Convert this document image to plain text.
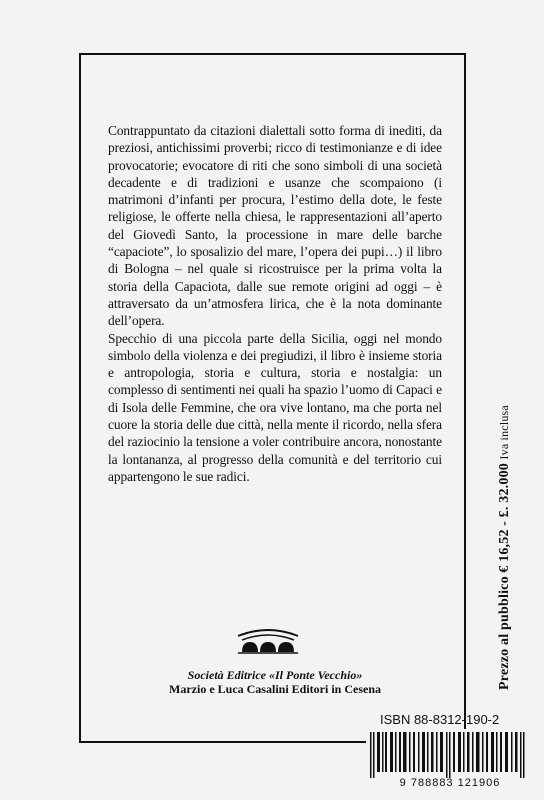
Contrappuntato da citazioni dialettali sotto forma di inediti, da preziosi, antichissimi proverbi; ricco di testimonianze e di idee provocatorie; evocatore di riti che sono simboli di una società decadente e di tradizioni e usanze che scompaiono (i matrimoni d’infanti per procura, l’estimo della dote, le feste religiose, le offerte nella chiesa, le rappresentazioni all’aperto del Giovedì Santo, la processione in mare delle barche “capaciote”, lo sposalizio del mare, l’opera dei pupi…) il libro di Bologna – nel quale si ricostruisce per la prima volta la storia della Capaciota, dalle sue remote origini ad oggi – è attraversato da un’atmosfera lirica, che è la nota dominante dell’opera.

Specchio di una piccola parte della Sicilia, oggi nel mondo simbolo della violenza e dei pregiudizi, il libro è insieme storia e antropologia, storia e cultura, storia e nostalgia: un complesso di sentimenti nei quali ha spazio l’uomo di Capaci e di Isola delle Femmine, che ora vive lontano, ma che porta nel cuore la storia delle due città, nella mente il ricordo, nella sfera del raziocinio la tensione a voler contribuire ancora, nonostante la lontananza, al progresso della comunità e del territorio cui appartengono le sue radici.

Prezzo al pubblico € 16,52 - £. 32.000 Iva inclusa
Società Editrice «Il Ponte Vecchio»
Marzio e Luca Casalini Editori in Cesena
ISBN 88-8312-190-2
9 788883 121906
